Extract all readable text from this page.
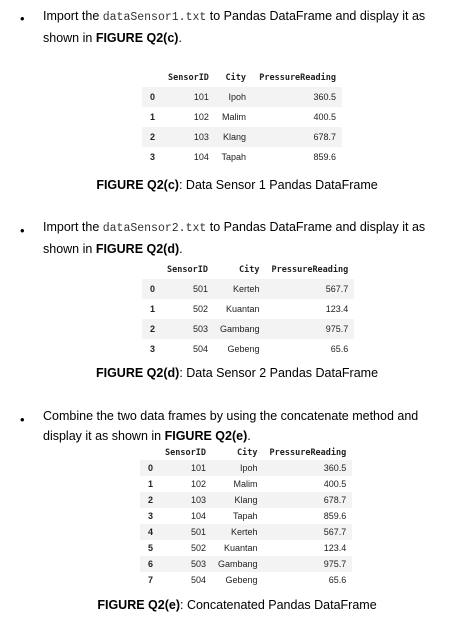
• Import the dataSensor1.txt to Pandas DataFrame and display it as shown in FIGURE Q2(c).
	SensorID	City	PressureReading
0	101	Ipoh	360.5
1	102	Malim	400.5
2	103	Klang	678.7
3	104	Tapah	859.6
FIGURE Q2(c): Data Sensor 1 Pandas DataFrame
• Import the dataSensor2.txt to Pandas DataFrame and display it as shown in FIGURE Q2(d).
	SensorID	City	PressureReading
0	501	Kerteh	567.7
1	502	Kuantan	123.4
2	503	Gambang	975.7
3	504	Gebeng	65.6
FIGURE Q2(d): Data Sensor 2 Pandas DataFrame
• Combine the two data frames by using the concatenate method and display it as shown in FIGURE Q2(e).
	SensorID	City	PressureReading
0	101	Ipoh	360.5
1	102	Malim	400.5
2	103	Klang	678.7
3	104	Tapah	859.6
4	501	Kerteh	567.7
5	502	Kuantan	123.4
6	503	Gambang	975.7
7	504	Gebeng	65.6
FIGURE Q2(e): Concatenated Pandas DataFrame
